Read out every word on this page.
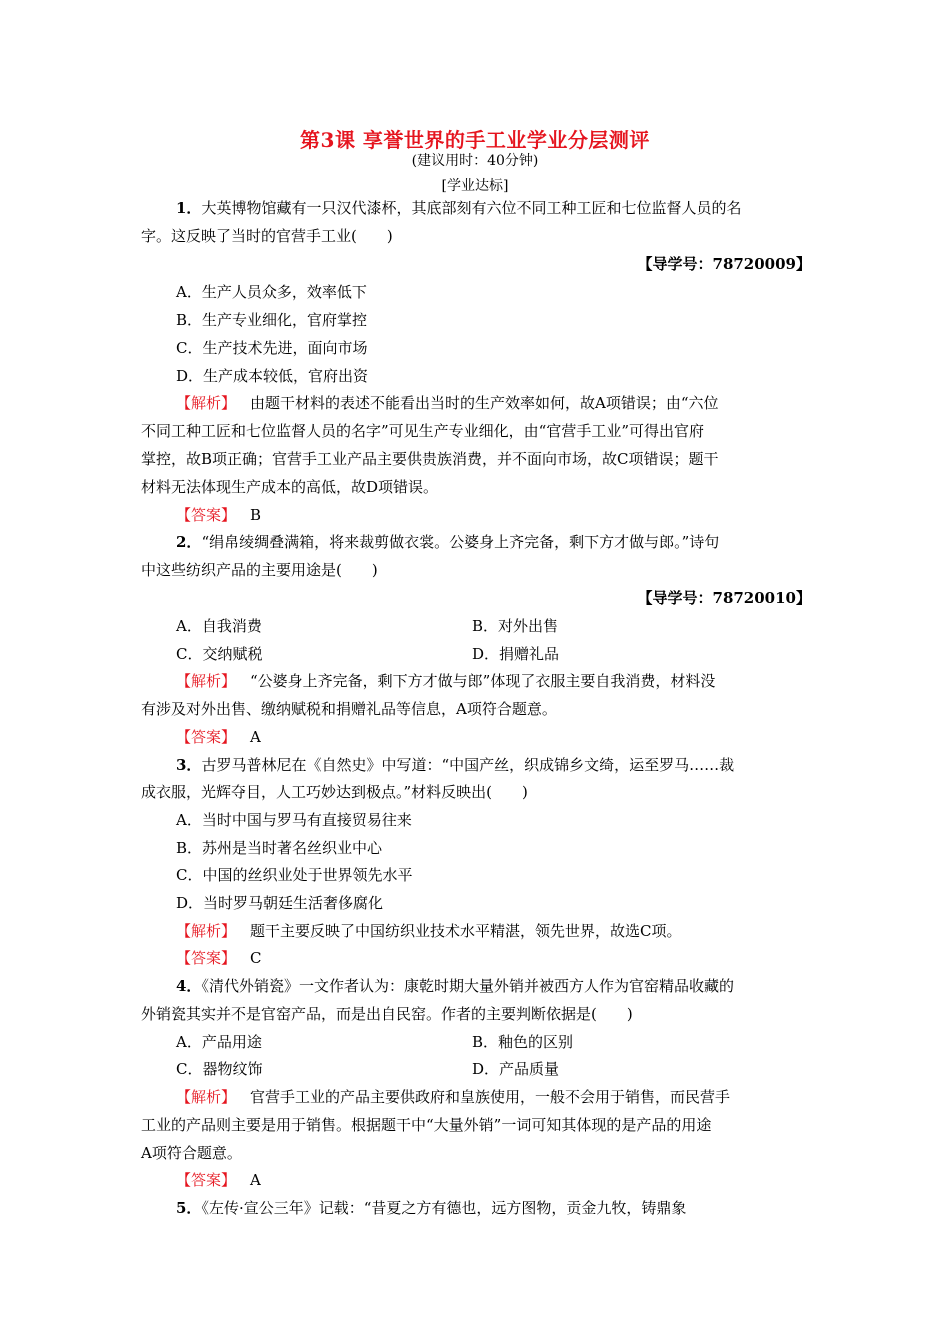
第3课 享誉世界的手工业学业分层测评
(建议用时：40分钟)
[学业达标]
1．大英博物馆藏有一只汉代漆杯，其底部刻有六位不同工种工匠和七位监督人员的名
字。这反映了当时的官营手工业(　　)
【导学号：78720009】
A．生产人员众多，效率低下
B．生产专业细化，官府掌控
C．生产技术先进，面向市场
D．生产成本较低，官府出资
【解析】 由题干材料的表述不能看出当时的生产效率如何，故A项错误；由“六位
不同工种工匠和七位监督人员的名字”可见生产专业细化，由“官营手工业”可得出官府
掌控，故B项正确；官营手工业产品主要供贵族消费，并不面向市场，故C项错误；题干
材料无法体现生产成本的高低，故D项错误。
【答案】 B
2．“绢帛绫绸叠满箱，将来裁剪做衣裳。公婆身上齐完备，剩下方才做与郎。”诗句
中这些纺织产品的主要用途是(　　)
【导学号：78720010】
A．自我消费	B．对外出售
C．交纳赋税	D．捐赠礼品
【解析】 “公婆身上齐完备，剩下方才做与郎”体现了衣服主要自我消费，材料没
有涉及对外出售、缴纳赋税和捐赠礼品等信息，A项符合题意。
【答案】 A
3．古罗马普林尼在《自然史》中写道：“中国产丝，织成锦乡文绮，运至罗马……裁
成衣服，光辉夺目，人工巧妙达到极点。”材料反映出(　　)
A．当时中国与罗马有直接贸易往来
B．苏州是当时著名丝织业中心
C．中国的丝织业处于世界领先水平
D．当时罗马朝廷生活奢侈腐化
【解析】 题干主要反映了中国纺织业技术水平精湛，领先世界，故选C项。
【答案】 C
4．《清代外销瓷》一文作者认为：康乾时期大量外销并被西方人作为官窑精品收藏的
外销瓷其实并不是官窑产品，而是出自民窑。作者的主要判断依据是(　　)
A．产品用途	B．釉色的区别
C．器物纹饰	D．产品质量
【解析】 官营手工业的产品主要供政府和皇族使用，一般不会用于销售，而民营手
工业的产品则主要是用于销售。根据题干中“大量外销”一词可知其体现的是产品的用途
A项符合题意。
【答案】 A
5．《左传·宣公三年》记载：“昔夏之方有德也，远方图物，贡金九牧，铸鼎象
